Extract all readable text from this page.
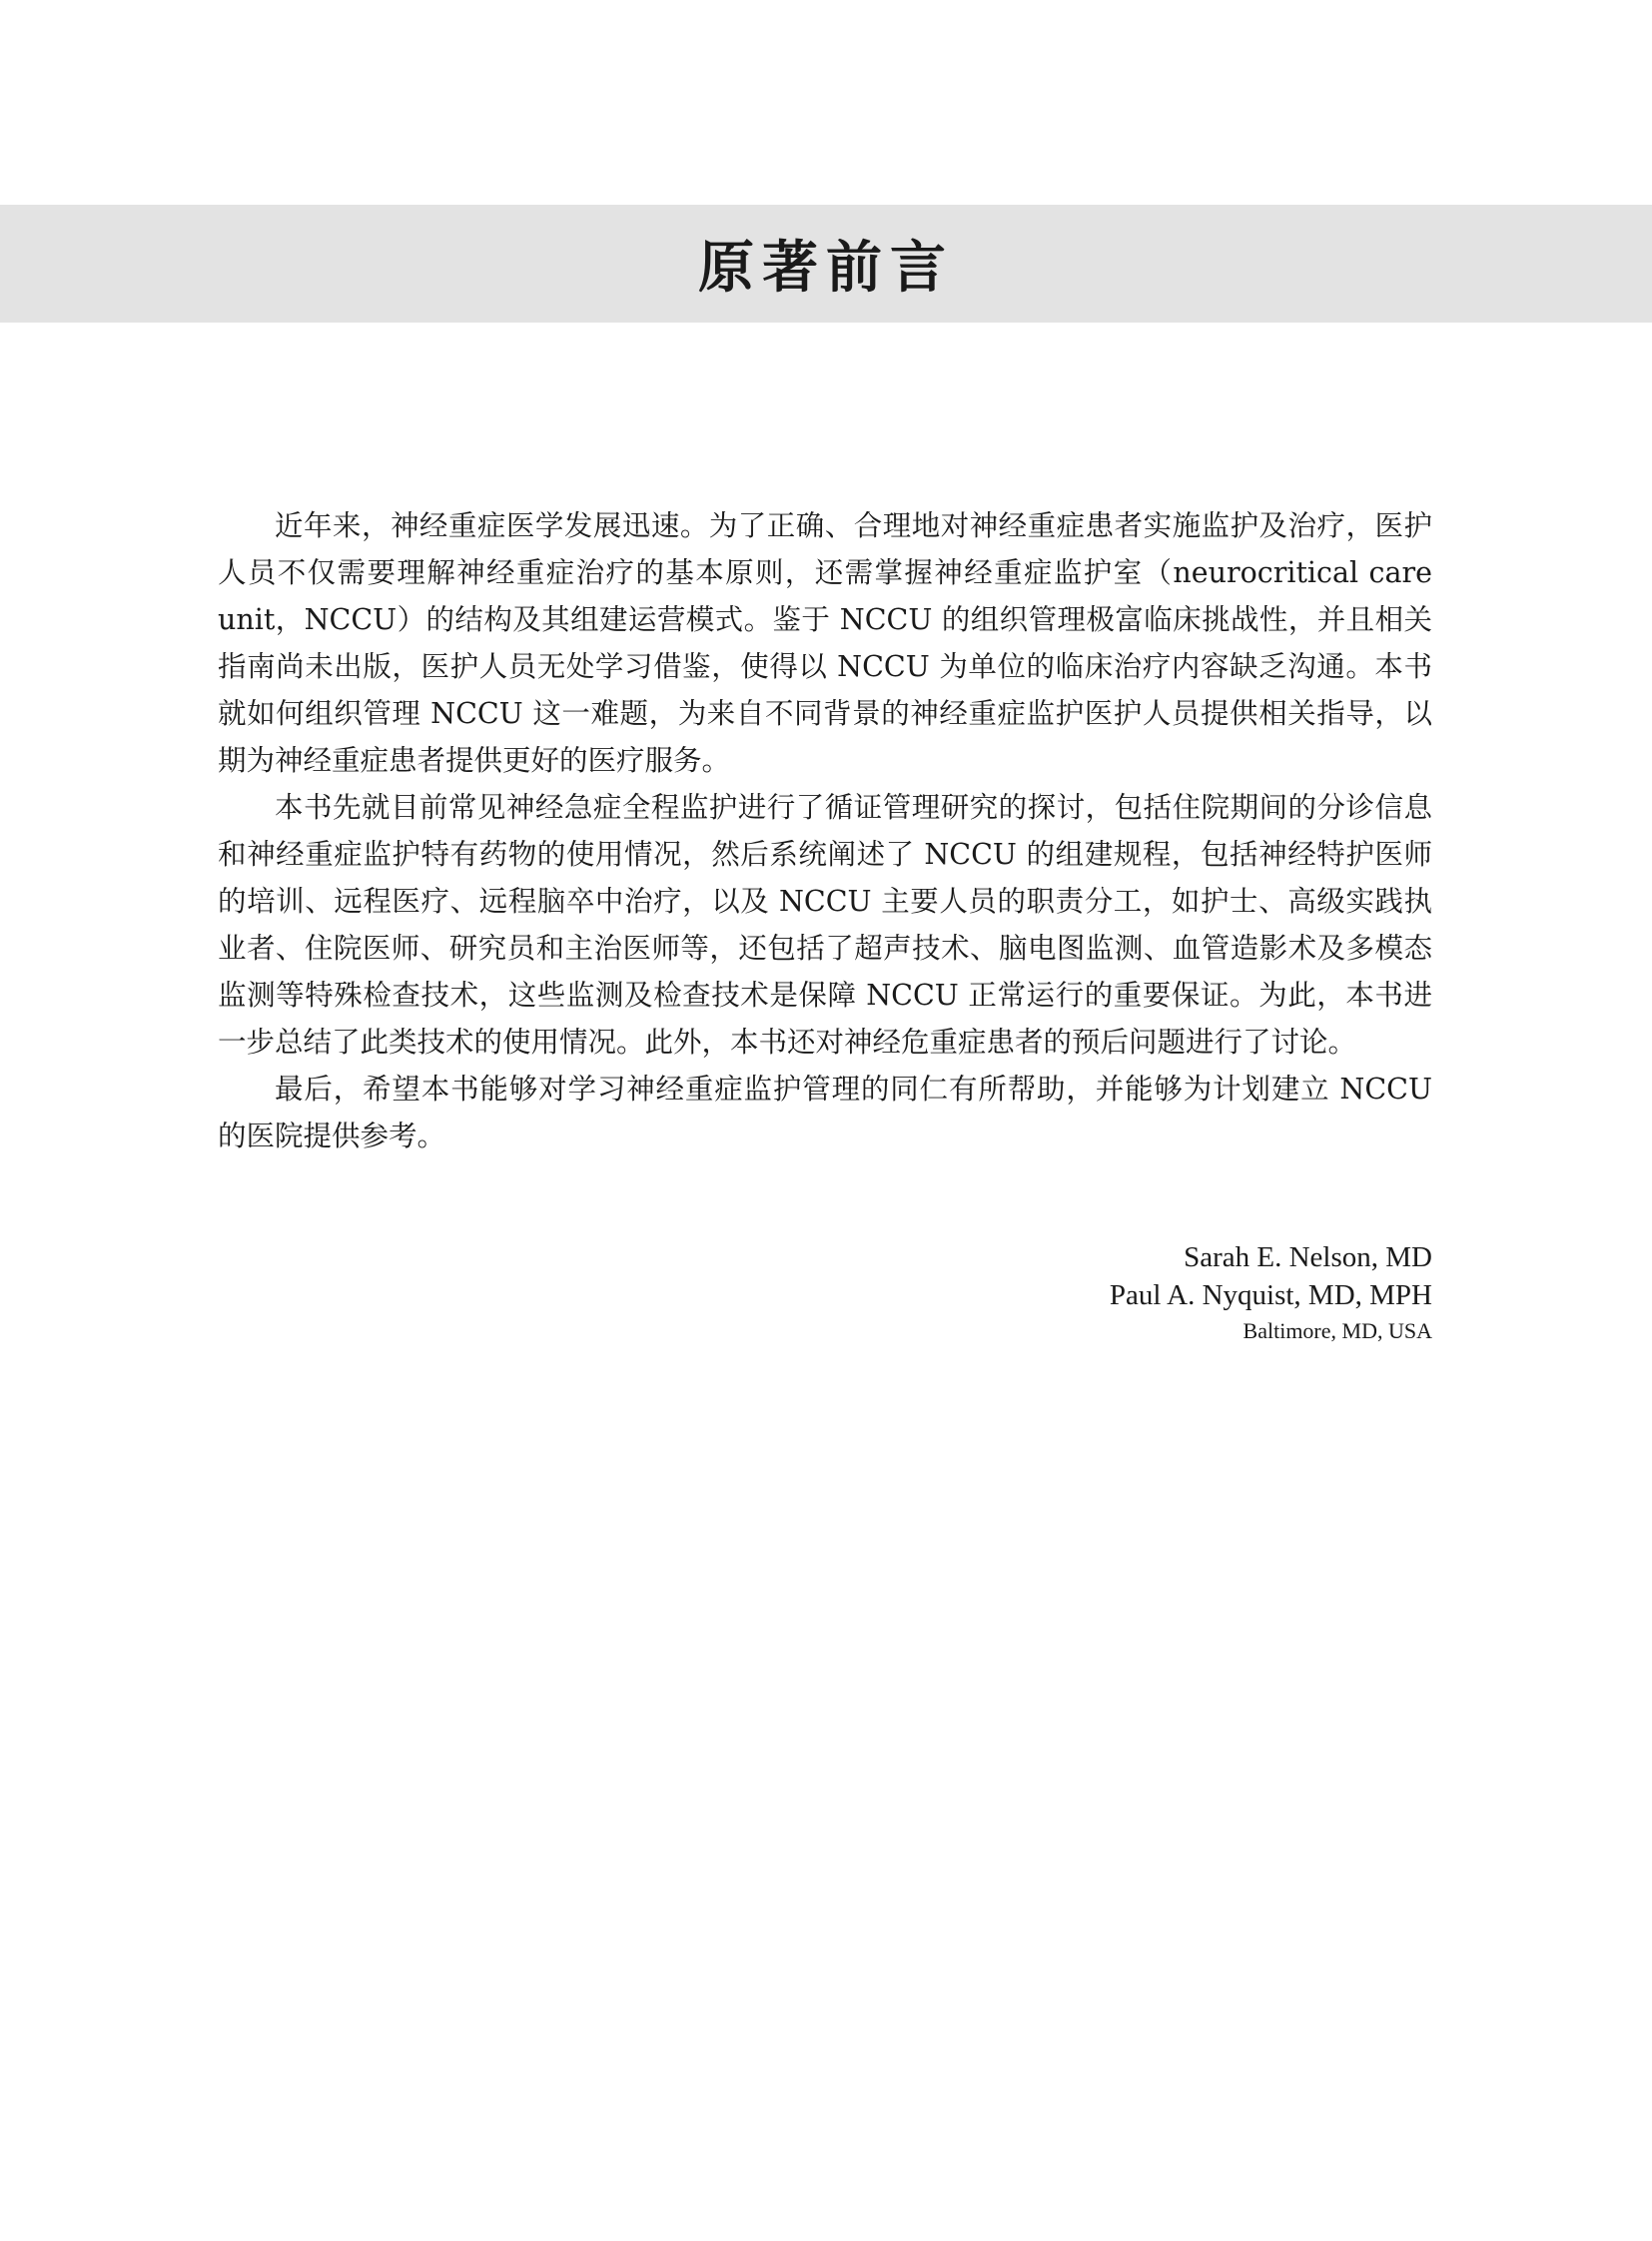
原著前言

近年来，神经重症医学发展迅速。为了正确、合理地对神经重症患者实施监护及治疗，医护人员不仅需要理解神经重症治疗的基本原则，还需掌握神经重症监护室（neurocritical care unit，NCCU）的结构及其组建运营模式。鉴于 NCCU 的组织管理极富临床挑战性，并且相关指南尚未出版，医护人员无处学习借鉴，使得以 NCCU 为单位的临床治疗内容缺乏沟通。本书就如何组织管理 NCCU 这一难题，为来自不同背景的神经重症监护医护人员提供相关指导，以期为神经重症患者提供更好的医疗服务。

本书先就目前常见神经急症全程监护进行了循证管理研究的探讨，包括住院期间的分诊信息和神经重症监护特有药物的使用情况，然后系统阐述了 NCCU 的组建规程，包括神经特护医师的培训、远程医疗、远程脑卒中治疗，以及 NCCU 主要人员的职责分工，如护士、高级实践执业者、住院医师、研究员和主治医师等，还包括了超声技术、脑电图监测、血管造影术及多模态监测等特殊检查技术，这些监测及检查技术是保障 NCCU 正常运行的重要保证。为此，本书进一步总结了此类技术的使用情况。此外，本书还对神经危重症患者的预后问题进行了讨论。

最后，希望本书能够对学习神经重症监护管理的同仁有所帮助，并能够为计划建立 NCCU 的医院提供参考。

Sarah E. Nelson, MD
Paul A. Nyquist, MD, MPH
Baltimore, MD, USA
